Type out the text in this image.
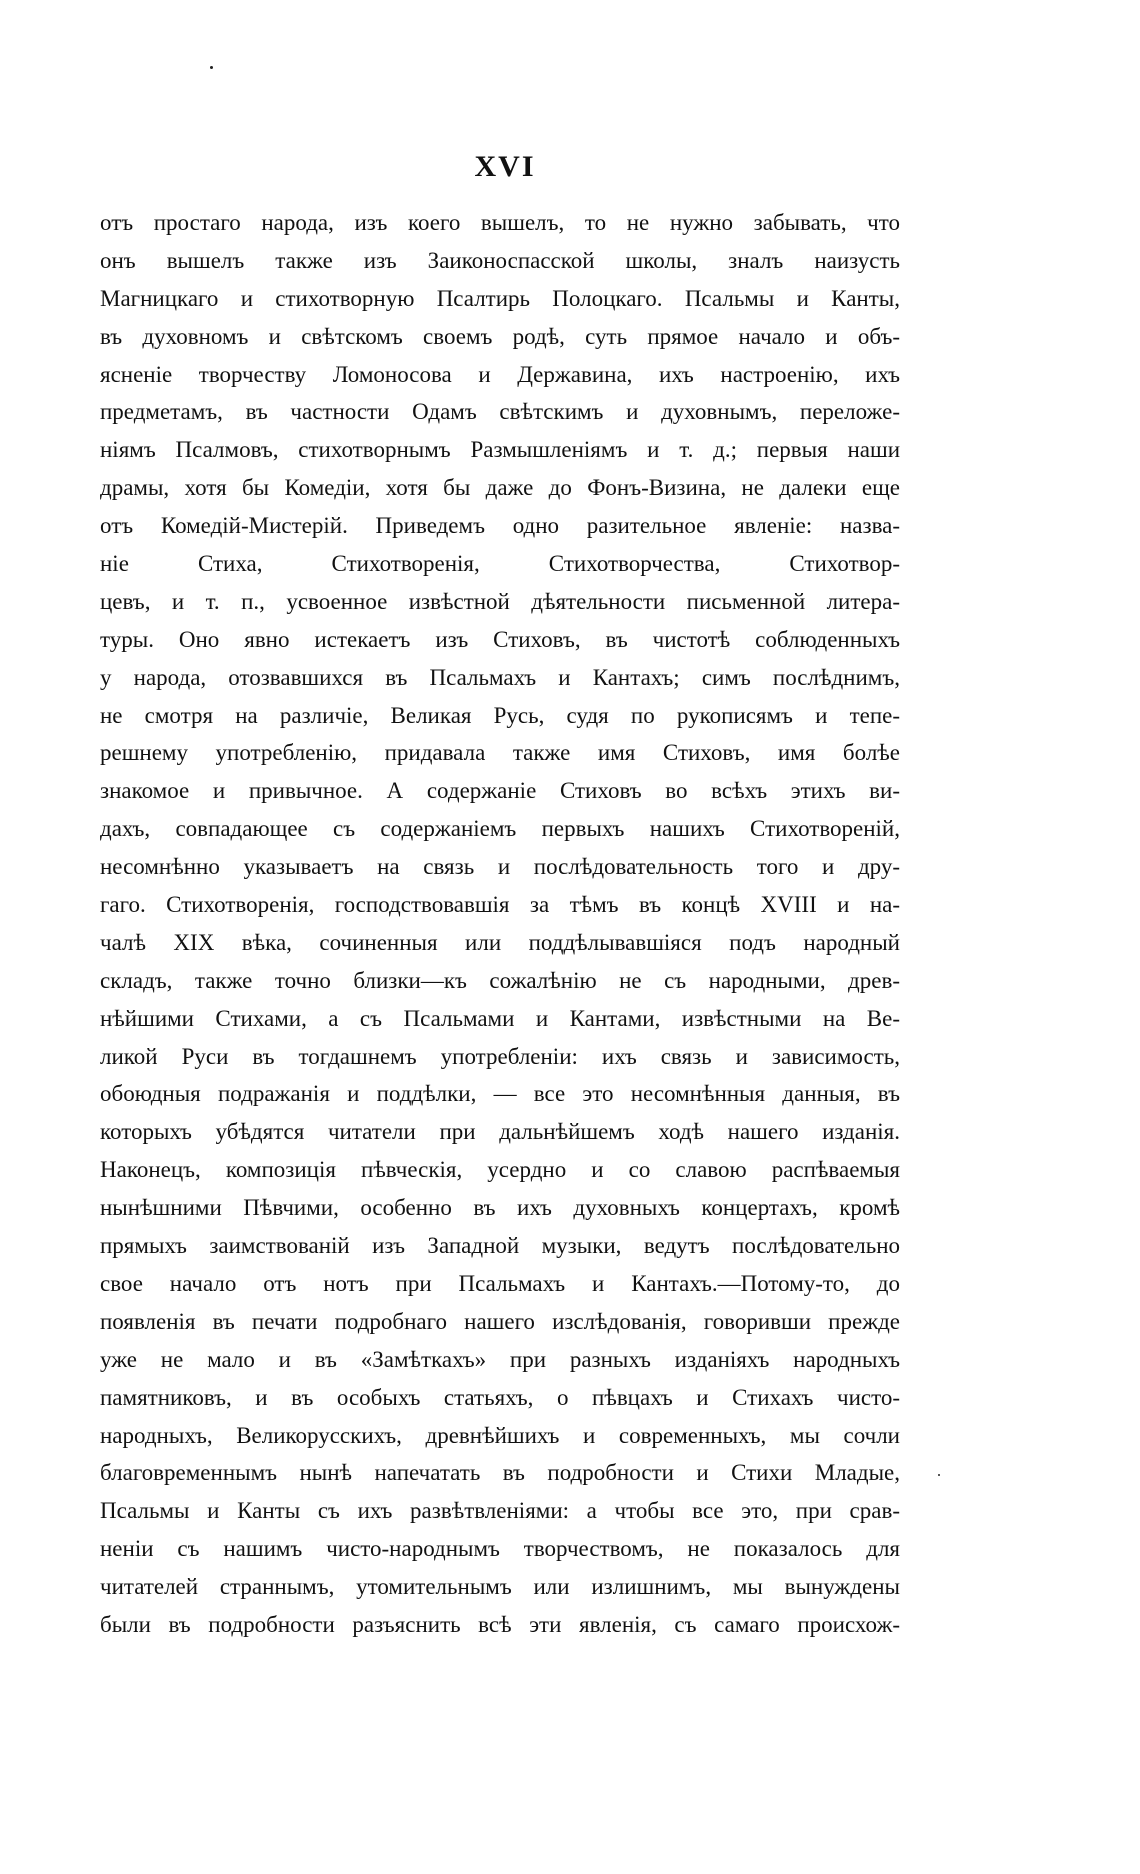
XVI
отъ простаго народа, изъ коего вышелъ, то не нужно забывать, что
онъ вышелъ также изъ Заиконоспасской школы, зналъ наизусть
Магницкаго и стихотворную Псалтирь Полоцкаго. Псальмы и Канты,
въ духовномъ и свѣтскомъ своемъ родѣ, суть прямое начало и объ-
ясненіе творчеству Ломоносова и Державина, ихъ настроенію, ихъ
предметамъ, въ частности Одамъ свѣтскимъ и духовнымъ, переложе-
ніямъ Псалмовъ, стихотворнымъ Размышленіямъ и т. д.; первыя наши
драмы, хотя бы Комедіи, хотя бы даже до Фонъ-Визина, не далеки еще
отъ Комедій-Мистерій. Приведемъ одно разительное явленіе: назва-
ніе Стиха, Стихотворенія, Стихотворчества, Стихотвор-
цевъ, и т. п., усвоенное извѣстной дѣятельности письменной литера-
туры. Оно явно истекаетъ изъ Стиховъ, въ чистотѣ соблюденныхъ
у народа, отозвавшихся въ Псальмахъ и Кантахъ; симъ послѣднимъ,
не смотря на различіе, Великая Русь, судя по рукописямъ и тепе-
решнему употребленію, придавала также имя Стиховъ, имя болѣе
знакомое и привычное. А содержаніе Стиховъ во всѣхъ этихъ ви-
дахъ, совпадающее съ содержаніемъ первыхъ нашихъ Стихотвореній,
несомнѣнно указываетъ на связь и послѣдовательность того и дру-
гаго. Стихотворенія, господствовавшія за тѣмъ въ концѣ XVIII и на-
чалѣ XIX вѣка, сочиненныя или поддѣлывавшіяся подъ народный
складъ, также точно близки—къ сожалѣнію не съ народными, древ-
нѣйшими Стихами, а съ Псальмами и Кантами, извѣстными на Ве-
ликой Руси въ тогдашнемъ употребленіи: ихъ связь и зависимость,
обоюдныя подражанія и поддѣлки, — все это несомнѣнныя данныя, въ
которыхъ убѣдятся читатели при дальнѣйшемъ ходѣ нашего изданія.
Наконецъ, композиція пѣвческія, усердно и со славою распѣваемыя
нынѣшними Пѣвчими, особенно въ ихъ духовныхъ концертахъ, кромѣ
прямыхъ заимствованій изъ Западной музыки, ведутъ послѣдовательно
свое начало отъ нотъ при Псальмахъ и Кантахъ.—Потому-то, до
появленія въ печати подробнаго нашего изслѣдованія, говоривши прежде
уже не мало и въ «Замѣткахъ» при разныхъ изданіяхъ народныхъ
памятниковъ, и въ особыхъ статьяхъ, о пѣвцахъ и Стихахъ чисто-
народныхъ, Великорусскихъ, древнѣйшихъ и современныхъ, мы сочли
благовременнымъ нынѣ напечатать въ подробности и Стихи Младые,
Псальмы и Канты съ ихъ развѣтвленіями: а чтобы все это, при срав-
неніи съ нашимъ чисто-народнымъ творчествомъ, не показалось для
читателей страннымъ, утомительнымъ или излишнимъ, мы вынуждены
были въ подробности разъяснить всѣ эти явленія, съ самаго происхож-
